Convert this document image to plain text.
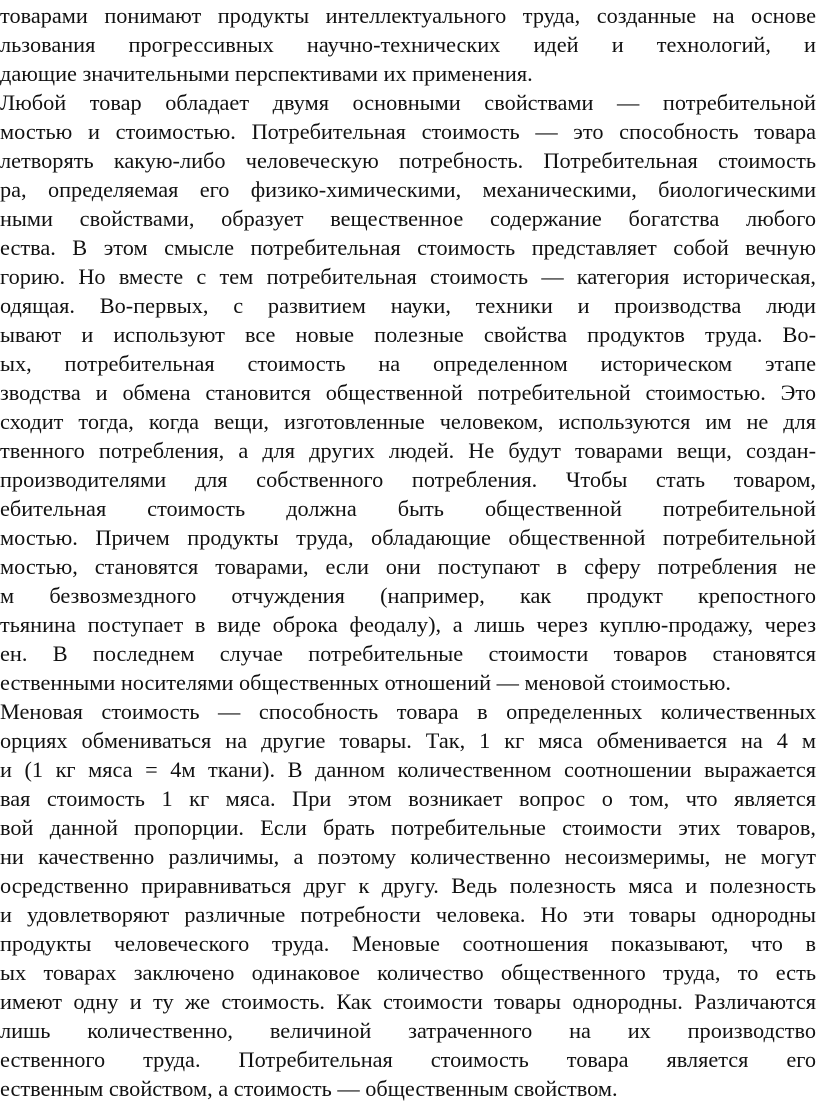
товарами понимают продукты интеллектуального труда, созданные на основе

льзования прогрессивных научно-технических идей и технологий, и

дающие значительными перспективами их применения.

Любой товар обладает двумя основными свойствами — потребительной

мостью и стоимостью. Потребительная стоимость — это способность товара

летворять какую-либо человеческую потребность. Потребительная стоимость

ра, определяемая его физико-химическими, механическими, биологическими

ными свойствами, образует вещественное содержание богатства любого

ества. В этом смысле потребительная стоимость представляет собой вечную

горию. Но вместе с тем потребительная стоимость — категория историческая,

одящая. Во-первых, с развитием науки, техники и производства люди

ывают и используют все новые полезные свойства продуктов труда. Во-

ых, потребительная стоимость на определенном историческом этапе

зводства и обмена становится общественной потребительной стоимостью. Это

сходит тогда, когда вещи, изготовленные человеком, используются им не для

твенного потребления, а для других людей. Не будут товарами вещи, создан-

производителями для собственного потребления. Чтобы стать товаром,

ебительная стоимость должна быть общественной потребительной

мостью. Причем продукты труда, обладающие общественной потребительной

мостью, становятся товарами, если они поступают в сферу потребления не

м безвозмездного отчуждения (например, как продукт крепостного

тьянина поступает в виде оброка феодалу), а лишь через куплю-продажу, через

ен. В последнем случае потребительные стоимости товаров становятся

ественными носителями общественных отношений — меновой стоимостью.

Меновая стоимость — способность товара в определенных количественных

орциях обмениваться на другие товары. Так, 1 кг мяса обменивается на 4 м

и (1 кг мяса = 4м ткани). В данном количественном соотношении выражается

вая стоимость 1 кг мяса. При этом возникает вопрос о том, что является

вой данной пропорции. Если брать потребительные стоимости этих товаров,

ни качественно различимы, а поэтому количественно несоизмеримы, не могут

осредственно приравниваться друг к другу. Ведь полезность мяса и полезность

и удовлетворяют различные потребности человека. Но эти товары однородны

продукты человеческого труда. Меновые соотношения показывают, что в

ых товарах заключено одинаковое количество общественного труда, то есть

имеют одну и ту же стоимость. Как стоимости товары однородны. Различаются

лишь количественно, величиной затраченного на их производство

ественного труда. Потребительная стоимость товара является его

ественным свойством, а стоимость — общественным свойством.
